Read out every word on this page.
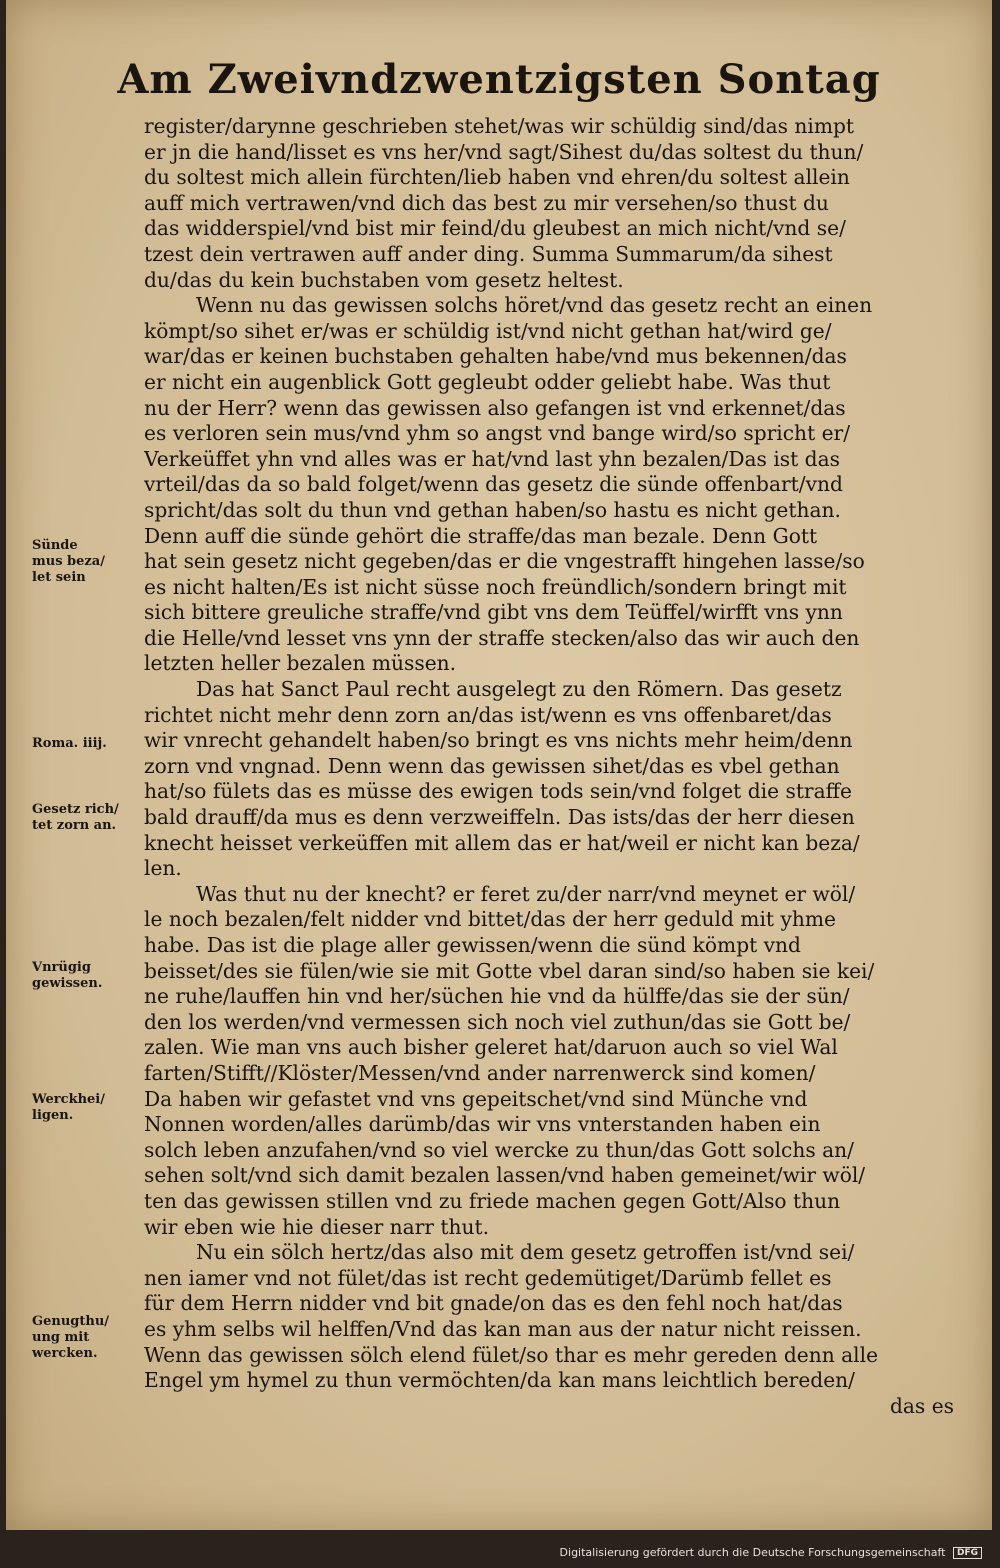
Am Zweivndzwentzigsten Sontag
register/darynne geschrieben stehet/was wir schüldig sind/das nimpt
er jn die hand/lisset es vns her/vnd sagt/Sihest du/das soltest du thun/
du soltest mich allein fürchten/lieb haben vnd ehren/du soltest allein
auff mich vertrawen/vnd dich das best zu mir versehen/so thust du
das widderspiel/vnd bist mir feind/du gleubest an mich nicht/vnd se/
tzest dein vertrawen auff ander ding. Summa Summarum/da sihest
du/das du kein buchstaben vom gesetz heltest.
Wenn nu das gewissen solchs höret/vnd das gesetz recht an einen
kömpt/so sihet er/was er schüldig ist/vnd nicht gethan hat/wird ge/
war/das er keinen buchstaben gehalten habe/vnd mus bekennen/das
er nicht ein augenblick Gott gegleubt odder geliebt habe. Was thut
nu der Herr? wenn das gewissen also gefangen ist vnd erkennet/das
es verloren sein mus/vnd yhm so angst vnd bange wird/so spricht er/
Verkeüffet yhn vnd alles was er hat/vnd last yhn bezalen/Das ist das
vrteil/das da so bald folget/wenn das gesetz die sünde offenbart/vnd
spricht/das solt du thun vnd gethan haben/so hastu es nicht gethan.
Denn auff die sünde gehört die straffe/das man bezale. Denn Gott
hat sein gesetz nicht gegeben/das er die vngestrafft hingehen lasse/so
es nicht halten/Es ist nicht süsse noch freündlich/sondern bringt mit
sich bittere greuliche straffe/vnd gibt vns dem Teüffel/wirfft vns ynn
die Helle/vnd lesset vns ynn der straffe stecken/also das wir auch den
letzten heller bezalen müssen.
Das hat Sanct Paul recht ausgelegt zu den Römern. Das gesetz
richtet nicht mehr denn zorn an/das ist/wenn es vns offenbaret/das
wir vnrecht gehandelt haben/so bringt es vns nichts mehr heim/denn
zorn vnd vngnad. Denn wenn das gewissen sihet/das es vbel gethan
hat/so fülets das es müsse des ewigen tods sein/vnd folget die straffe
bald drauff/da mus es denn verzweiffeln. Das ists/das der herr diesen
knecht heisset verkeüffen mit allem das er hat/weil er nicht kan beza/
len.
Was thut nu der knecht? er feret zu/der narr/vnd meynet er wöl/
le noch bezalen/felt nidder vnd bittet/das der herr geduld mit yhme
habe. Das ist die plage aller gewissen/wenn die sünd kömpt vnd
beisset/des sie fülen/wie sie mit Gotte vbel daran sind/so haben sie kei/
ne ruhe/lauffen hin vnd her/süchen hie vnd da hülffe/das sie der sün/
den los werden/vnd vermessen sich noch viel zuthun/das sie Gott be/
zalen. Wie man vns auch bisher geleret hat/daruon auch so viel Wal
farten/Stifft//Klöster/Messen/vnd ander narrenwerck sind komen/
Da haben wir gefastet vnd vns gepeitschet/vnd sind Münche vnd
Nonnen worden/alles darümb/das wir vns vnterstanden haben ein
solch leben anzufahen/vnd so viel wercke zu thun/das Gott solchs an/
sehen solt/vnd sich damit bezalen lassen/vnd haben gemeinet/wir wöl/
ten das gewissen stillen vnd zu friede machen gegen Gott/Also thun
wir eben wie hie dieser narr thut.
Nu ein sölch hertz/das also mit dem gesetz getroffen ist/vnd sei/
nen iamer vnd not fület/das ist recht gedemütiget/Darümb fellet es
für dem Herrn nidder vnd bit gnade/on das es den fehl noch hat/das
es yhm selbs wil helffen/Vnd das kan man aus der natur nicht reissen.
Wenn das gewissen sölch elend fület/so thar es mehr gereden denn alle
Engel ym hymel zu thun vermöchten/da kan mans leichtlich bereden/
das es
Sünde
mus beza/
let sein
Roma. iiij.
Gesetz rich/
tet zorn an.
Vnrügig
gewissen.
Werckhei/
ligen.
Genugthu/
ung mit
wercken.
Digitalisierung gefördert durch die Deutsche Forschungsgemeinschaft DFG
